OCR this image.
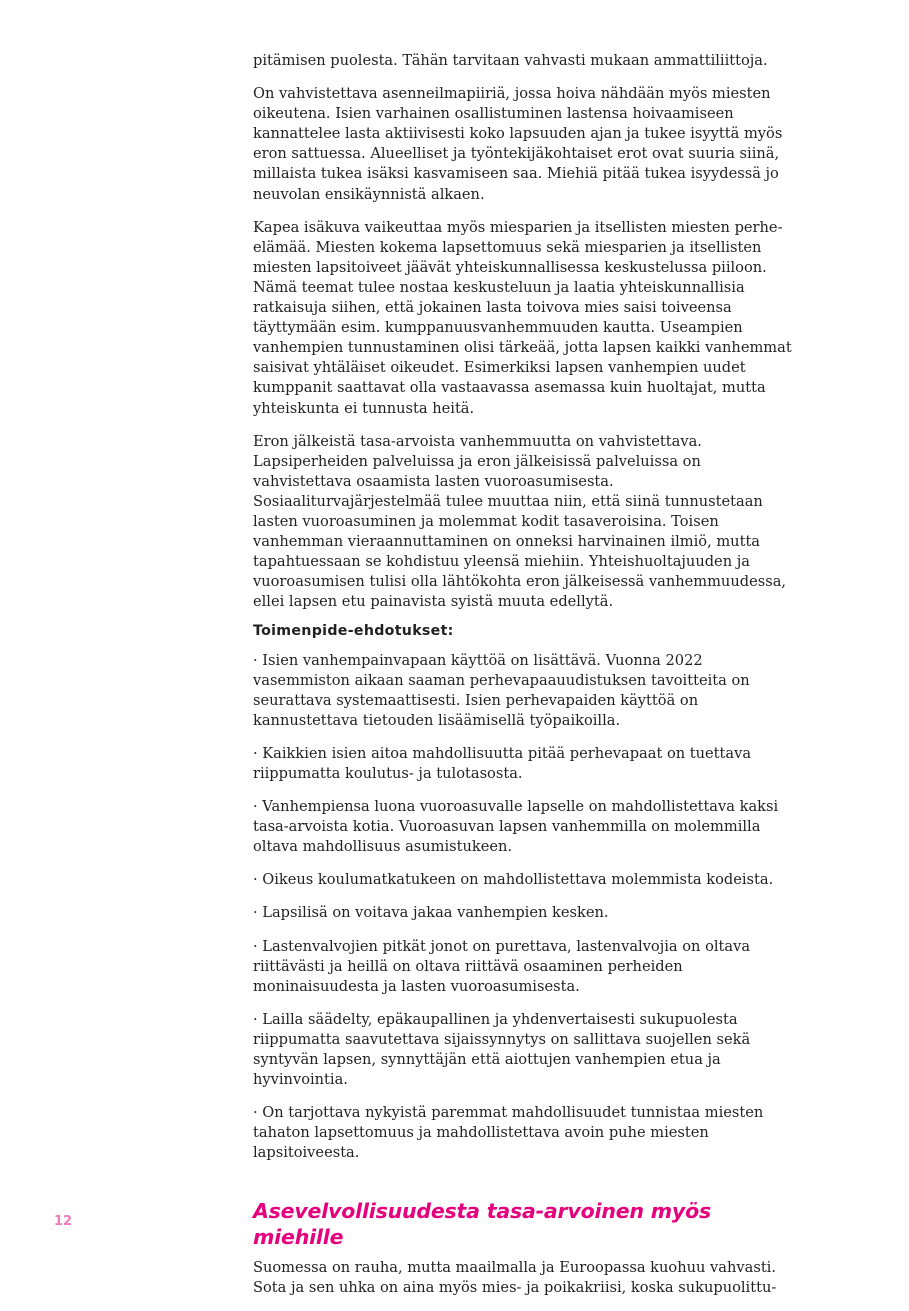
pitämisen puolesta. Tähän tarvitaan vahvasti mukaan ammattiliittoja.

On vahvistettava asenneilmapiiriä, jossa hoiva nähdään myös miesten oikeutena. Isien varhainen osallistuminen lastensa hoivaamiseen kannattelee lasta aktiivisesti koko lapsuuden ajan ja tukee isyyttä myös eron sattuessa. Alueelliset ja työntekijäkohtaiset erot ovat suuria siinä, millaista tukea isäksi kasvamiseen saa. Miehiä pitää tukea isyydessä jo neuvolan ensikäynnistä alkaen.

Kapea isäkuva vaikeuttaa myös miesparien ja itsellisten miesten perhe-elämää. Miesten kokema lapsettomuus sekä miesparien ja itsellisten miesten lapsitoiveet jäävät yhteiskunnallisessa keskustelussa piiloon. Nämä teemat tulee nostaa keskusteluun ja laatia yhteiskunnallisia ratkaisuja siihen, että jokainen lasta toivova mies saisi toiveensa täyttymään esim. kumppanuusvanhemmuuden kautta. Useampien vanhempien tunnustaminen olisi tärkeää, jotta lapsen kaikki vanhemmat saisivat yhtäläiset oikeudet. Esimerkiksi lapsen vanhempien uudet kumppanit saattavat olla vastaavassa asemassa kuin huoltajat, mutta yhteiskunta ei tunnusta heitä.

Eron jälkeistä tasa-arvoista vanhemmuutta on vahvistettava. Lapsiperheiden palveluissa ja eron jälkeisissä palveluissa on vahvistettava osaamista lasten vuoroasumisesta. Sosiaaliturvajärjestelmää tulee muuttaa niin, että siinä tunnustetaan lasten vuoroasuminen ja molemmat kodit tasaveroisina. Toisen vanhemman vieraannuttaminen on onneksi harvinainen ilmiö, mutta tapahtuessaan se kohdistuu yleensä miehiin. Yhteishuoltajuuden ja vuoroasumisen tulisi olla lähtökohta eron jälkeisessä vanhemmuudessa, ellei lapsen etu painavista syistä muuta edellytä.

Toimenpide-ehdotukset:

· Isien vanhempainvapaan käyttöä on lisättävä. Vuonna 2022 vasemmiston aikaan saaman perhevapaauudistuksen tavoitteita on seurattava systemaattisesti. Isien perhevapaiden käyttöä on kannustettava tietouden lisäämisellä työpaikoilla.

· Kaikkien isien aitoa mahdollisuutta pitää perhevapaat on tuettava riippumatta koulutus- ja tulotasosta.

· Vanhempiensa luona vuoroasuvalle lapselle on mahdollistettava kaksi tasa-arvoista kotia. Vuoroasuvan lapsen vanhemmilla on molemmilla oltava mahdollisuus asumistukeen.

· Oikeus koulumatkatukeen on mahdollistettava molemmista kodeista.

· Lapsilisä on voitava jakaa vanhempien kesken.

· Lastenvalvojien pitkät jonot on purettava, lastenvalvojia on oltava riittävästi ja heillä on oltava riittävä osaaminen perheiden moninaisuudesta ja lasten vuoroasumisesta.

· Lailla säädelty, epäkaupallinen ja yhdenvertaisesti sukupuolesta riippumatta saavutettava sijaissynnytys on sallittava suojellen sekä syntyvän lapsen, synnyttäjän että aiottujen vanhempien etua ja hyvinvointia.

· On tarjottava nykyistä paremmat mahdollisuudet tunnistaa miesten tahaton lapsettomuus ja mahdollistettava avoin puhe miesten lapsitoiveesta.

Asevelvollisuudesta tasa-arvoinen myös miehille

Suomessa on rauha, mutta maailmalla ja Euroopassa kuohuu vahvasti. Sota ja sen uhka on aina myös mies- ja poikakriisi, koska sukupuolittu-

12
